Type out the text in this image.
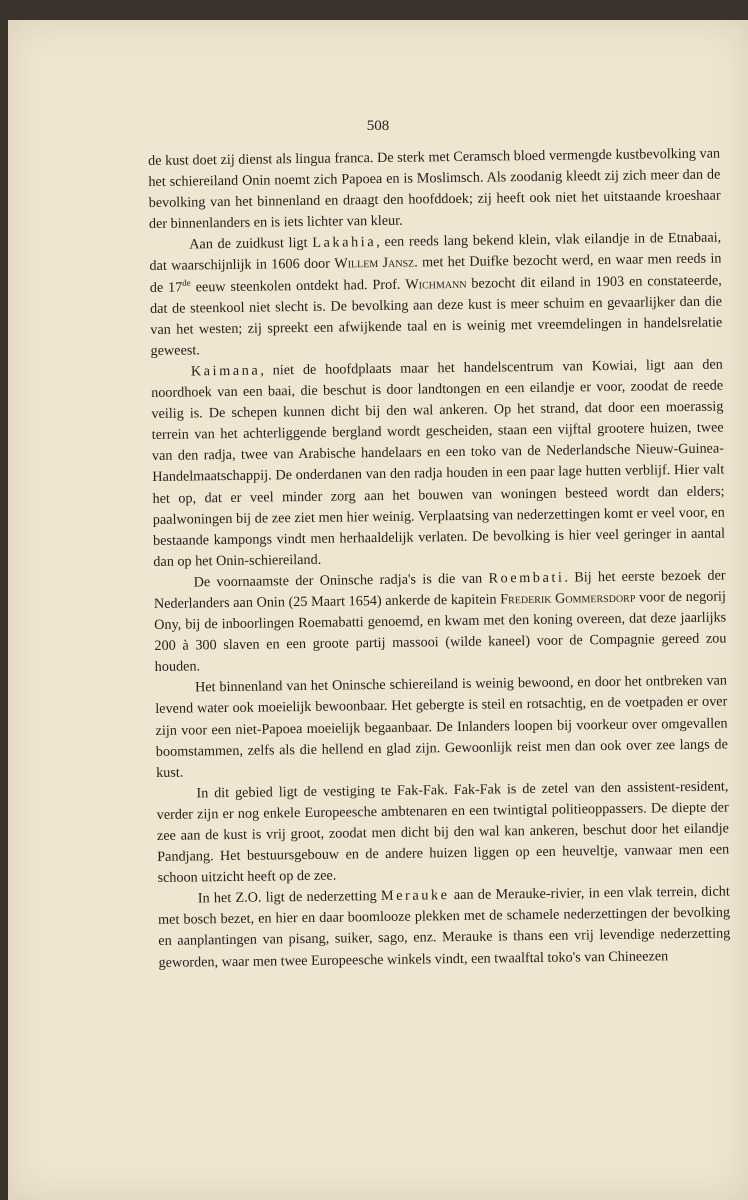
508

de kust doet zij dienst als lingua franca. De sterk met Ceramsch bloed vermengde kustbevolking van het schiereiland Onin noemt zich Papoea en is Moslimsch. Als zoodanig kleedt zij zich meer dan de bevolking van het binnenland en draagt den hoofddoek; zij heeft ook niet het uitstaande kroeshaar der binnenlanders en is iets lichter van kleur.

Aan de zuidkust ligt Lakahia, een reeds lang bekend klein, vlak eilandje in de Etnabaai, dat waarschijnlijk in 1606 door Willem Jansz. met het Duifke bezocht werd, en waar men reeds in de 17de eeuw steenkolen ontdekt had. Prof. Wichmann bezocht dit eiland in 1903 en constateerde, dat de steenkool niet slecht is. De bevolking aan deze kust is meer schuim en gevaarlijker dan die van het westen; zij spreekt een afwijkende taal en is weinig met vreemdelingen in handelsrelatie geweest.

Kaimana, niet de hoofdplaats maar het handelscentrum van Kowiai, ligt aan den noordhoek van een baai, die beschut is door landtongen en een eilandje er voor, zoodat de reede veilig is. De schepen kunnen dicht bij den wal ankeren. Op het strand, dat door een moerassig terrein van het achterliggende bergland wordt gescheiden, staan een vijftal grootere huizen, twee van den radja, twee van Arabische handelaars en een toko van de Nederlandsche Nieuw-Guinea-Handelmaatschappij. De onderdanen van den radja houden in een paar lage hutten verblijf. Hier valt het op, dat er veel minder zorg aan het bouwen van woningen besteed wordt dan elders; paalwoningen bij de zee ziet men hier weinig. Verplaatsing van nederzettingen komt er veel voor, en bestaande kampongs vindt men herhaaldelijk verlaten. De bevolking is hier veel geringer in aantal dan op het Onin-schiereiland.

De voornaamste der Oninsche radja's is die van Roembati. Bij het eerste bezoek der Nederlanders aan Onin (25 Maart 1654) ankerde de kapitein Frederik Gommersdorp voor de negorij Ony, bij de inboorlingen Roemabatti genoemd, en kwam met den koning overeen, dat deze jaarlijks 200 à 300 slaven en een groote partij massooi (wilde kaneel) voor de Compagnie gereed zou houden.

Het binnenland van het Oninsche schiereiland is weinig bewoond, en door het ontbreken van levend water ook moeielijk bewoonbaar. Het gebergte is steil en rotsachtig, en de voetpaden er over zijn voor een niet-Papoea moeielijk begaanbaar. De Inlanders loopen bij voorkeur over omgevallen boomstammen, zelfs als die hellend en glad zijn. Gewoonlijk reist men dan ook over zee langs de kust.

In dit gebied ligt de vestiging te Fak-Fak. Fak-Fak is de zetel van den assistent-resident, verder zijn er nog enkele Europeesche ambtenaren en een twintigtal politieoppassers. De diepte der zee aan de kust is vrij groot, zoodat men dicht bij den wal kan ankeren, beschut door het eilandje Pandjang. Het bestuursgebouw en de andere huizen liggen op een heuveltje, vanwaar men een schoon uitzicht heeft op de zee.

In het Z.O. ligt de nederzetting Merauke aan de Merauke-rivier, in een vlak terrein, dicht met bosch bezet, en hier en daar boomlooze plekken met de schamele nederzettingen der bevolking en aanplantingen van pisang, suiker, sago, enz. Merauke is thans een vrij levendige nederzetting geworden, waar men twee Europeesche winkels vindt, een twaalftal toko's van Chineezen
